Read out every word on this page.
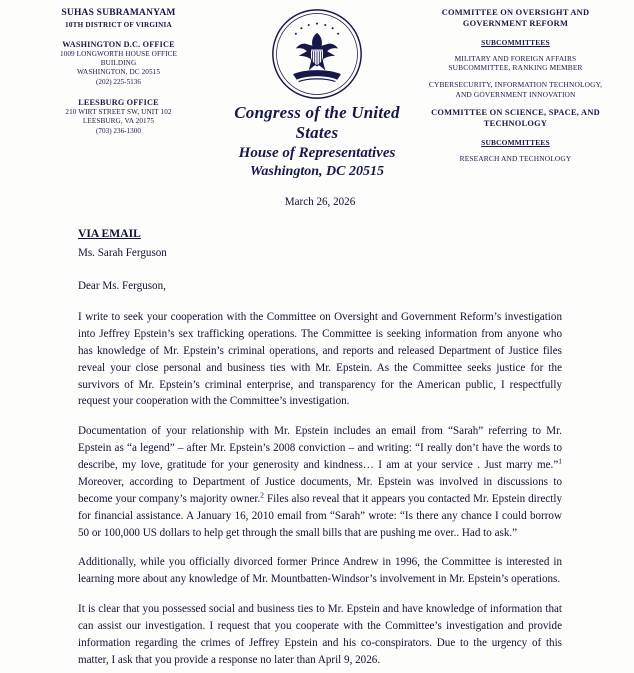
SUHAS SUBRAMANYAM
10TH DISTRICT OF VIRGINIA
WASHINGTON D.C. OFFICE
1009 LONGWORTH HOUSE OFFICE
BUILDING
WASHINGTON, DC 20515
(202) 225-5136
LEESBURG OFFICE
210 WIRT STREET SW, UNIT 102
LEESBURG, VA 20175
(703) 236-1300
Congress of the United States
House of Representatives
Washington, DC 20515
COMMITTEE ON OVERSIGHT AND GOVERNMENT REFORM
SUBCOMMITTEES
MILITARY AND FOREIGN AFFAIRS SUBCOMMITTEE, RANKING MEMBER
CYBERSECURITY, INFORMATION TECHNOLOGY, AND GOVERNMENT INNOVATION
COMMITTEE ON SCIENCE, SPACE, AND TECHNOLOGY
SUBCOMMITTEES
RESEARCH AND TECHNOLOGY
March 26, 2026
VIA EMAIL
Ms. Sarah Ferguson
Dear Ms. Ferguson,

I write to seek your cooperation with the Committee on Oversight and Government Reform’s investigation into Jeffrey Epstein’s sex trafficking operations. The Committee is seeking information from anyone who has knowledge of Mr. Epstein’s criminal operations, and reports and released Department of Justice files reveal your close personal and business ties with Mr. Epstein. As the Committee seeks justice for the survivors of Mr. Epstein’s criminal enterprise, and transparency for the American public, I respectfully request your cooperation with the Committee’s investigation.

Documentation of your relationship with Mr. Epstein includes an email from “Sarah” referring to Mr. Epstein as “a legend” – after Mr. Epstein’s 2008 conviction – and writing: “I really don’t have the words to describe, my love, gratitude for your generosity and kindness… I am at your service . Just marry me.”$^1$ Moreover, according to Department of Justice documents, Mr. Epstein was involved in discussions to become your company’s majority owner.$^2$ Files also reveal that it appears you contacted Mr. Epstein directly for financial assistance. A January 16, 2010 email from “Sarah” wrote: “Is there any chance I could borrow 50 or 100,000 US dollars to help get through the small bills that are pushing me over.. Had to ask.”

Additionally, while you officially divorced former Prince Andrew in 1996, the Committee is interested in learning more about any knowledge of Mr. Mountbatten-Windsor’s involvement in Mr. Epstein’s operations.

It is clear that you possessed social and business ties to Mr. Epstein and have knowledge of information that can assist our investigation. I request that you cooperate with the Committee’s investigation and provide information regarding the crimes of Jeffrey Epstein and his co-conspirators. Due to the urgency of this matter, I ask that you provide a response no later than April 9, 2026.
